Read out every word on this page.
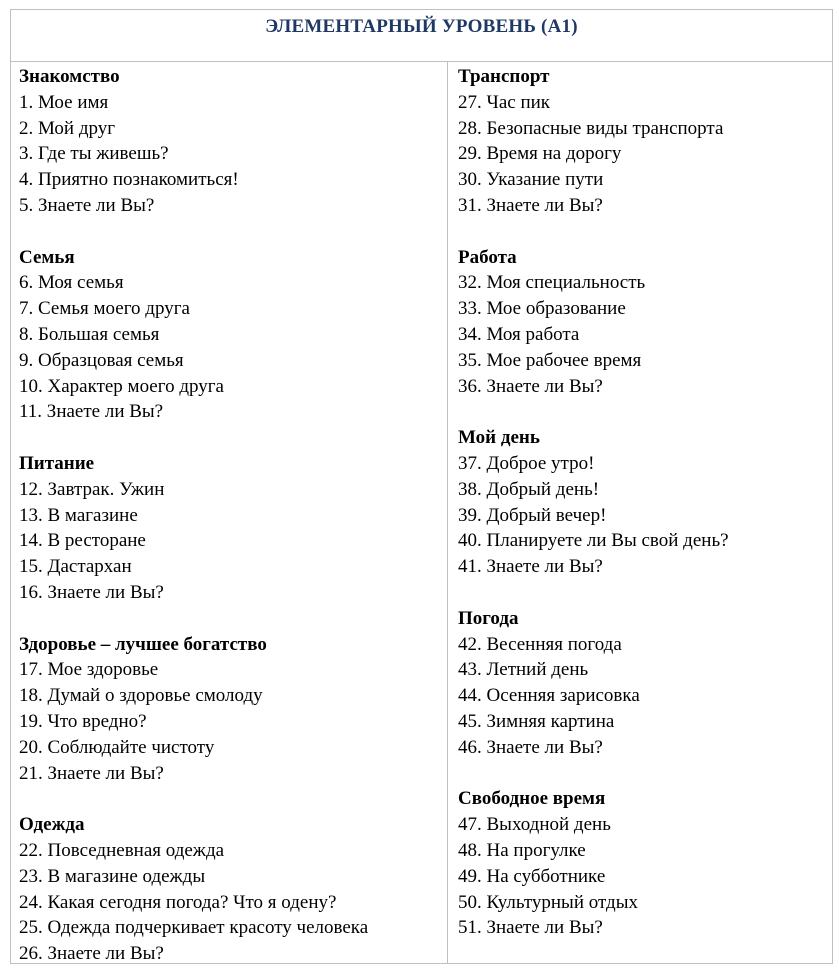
ЭЛЕМЕНТАРНЫЙ УРОВЕНЬ (А1)
Знакомство
1. Мое имя
2. Мой друг
3. Где ты живешь?
4. Приятно познакомиться!
5. Знаете ли Вы?
Семья
6. Моя семья
7. Семья моего друга
8. Большая семья
9. Образцовая семья
10. Характер моего друга
11. Знаете ли Вы?
Питание
12. Завтрак. Ужин
13. В магазине
14. В ресторане
15. Дастархан
16. Знаете ли Вы?
Здоровье – лучшее богатство
17. Мое здоровье
18. Думай о здоровье смолоду
19. Что вредно?
20. Соблюдайте чистоту
21. Знаете ли Вы?
Одежда
22. Повседневная одежда
23. В магазине одежды
24. Какая сегодня погода? Что я одену?
25. Одежда подчеркивает красоту человека
26. Знаете ли Вы?
Транспорт
27. Час пик
28. Безопасные виды транспорта
29. Время на дорогу
30. Указание пути
31. Знаете ли Вы?
Работа
32. Моя специальность
33. Мое образование
34. Моя работа
35. Мое рабочее время
36. Знаете ли Вы?
Мой день
37. Доброе утро!
38. Добрый день!
39. Добрый вечер!
40. Планируете ли Вы свой день?
41. Знаете ли Вы?
Погода
42. Весенняя погода
43. Летний день
44. Осенняя зарисовка
45. Зимняя картина
46. Знаете ли Вы?
Свободное время
47. Выходной день
48. На прогулке
49. На субботнике
50. Культурный отдых
51. Знаете ли Вы?
